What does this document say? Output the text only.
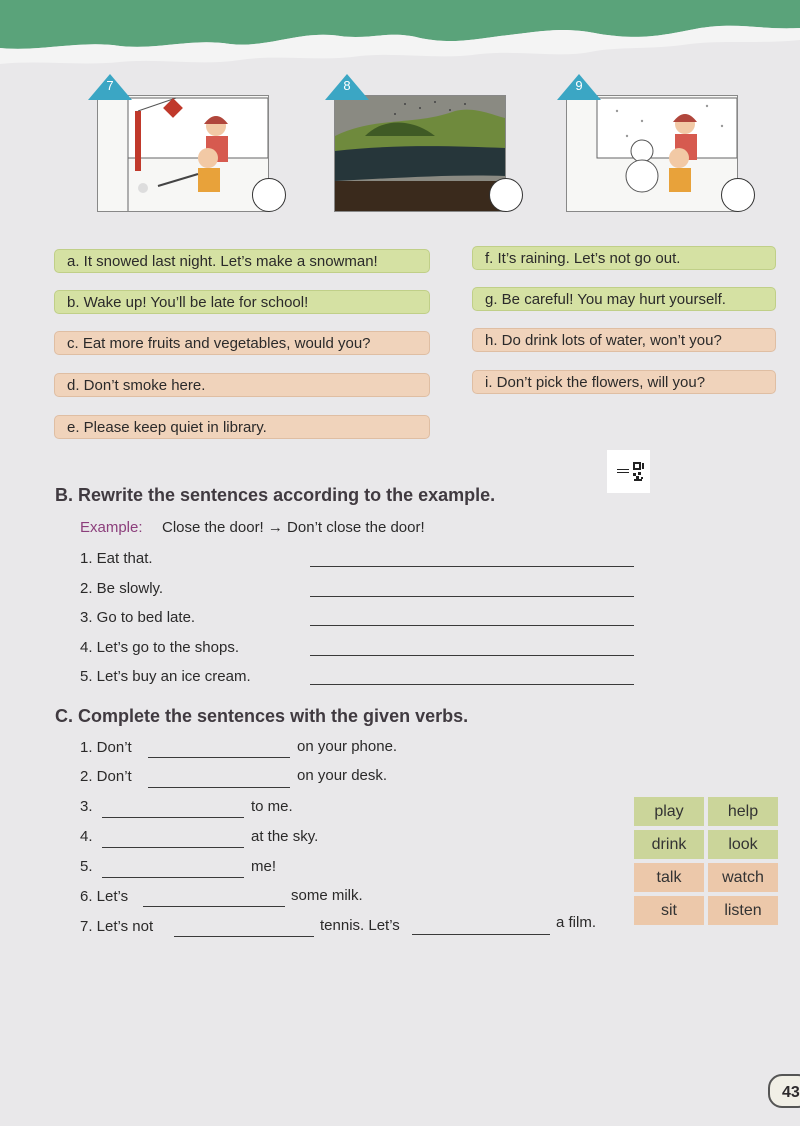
7	8	9
a. It snowed last night. Let’s make a snowman!
b. Wake up! You’ll be late for school!
c. Eat more fruits and vegetables, would you?
d. Don’t smoke here.
e. Please keep quiet in library.
f. It’s raining. Let’s not go out.
g. Be careful! You may hurt yourself.
h. Do drink lots of water, won’t you?
i. Don’t pick the flowers, will you?
B. Rewrite the sentences according to the example.
Example: Close the door! → Don’t close the door!
1. Eat that.
2. Be slowly.
3. Go to bed late.
4. Let’s go to the shops.
5. Let’s buy an ice cream.
C. Complete the sentences with the given verbs.
1. Don’t	on your phone.
2. Don’t	on your desk.
3.	to me.
4.	at the sky.
5.	me!
6. Let’s	some milk.
7. Let’s not	tennis. Let’s	a film.
play	help
drink	look
talk	watch
sit	listen
43
